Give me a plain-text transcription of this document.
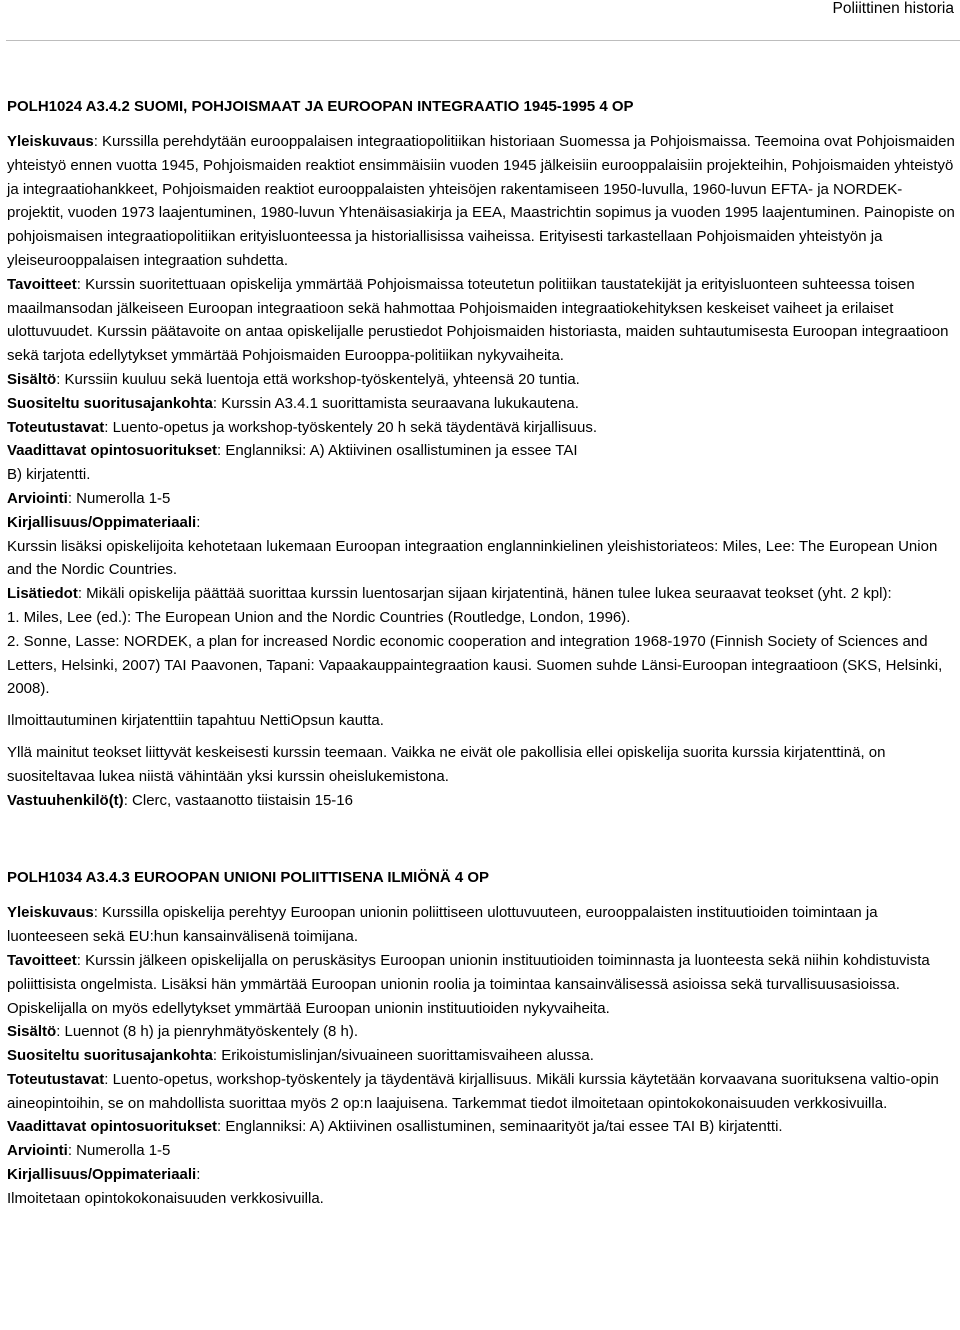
Poliittinen historia
POLH1024 A3.4.2 SUOMI, POHJOISMAAT JA EUROOPAN INTEGRAATIO 1945-1995 4 OP

Yleiskuvaus: Kurssilla perehdytään eurooppalaisen integraatiopolitiikan historiaan Suomessa ja Pohjoismaissa. Teemoina ovat Pohjoismaiden yhteistyö ennen vuotta 1945, Pohjoismaiden reaktiot ensimmäisiin vuoden 1945 jälkeisiin eurooppalaisiin projekteihin, Pohjoismaiden yhteistyö ja integraatiohankkeet, Pohjoismaiden reaktiot eurooppalaisten yhteisöjen rakentamiseen 1950-luvulla, 1960-luvun EFTA- ja NORDEK-projektit, vuoden 1973 laajentuminen, 1980-luvun Yhtenäisasiakirja ja EEA, Maastrichtin sopimus ja vuoden 1995 laajentuminen. Painopiste on pohjoismaisen integraatiopolitiikan erityisluonteessa ja historiallisissa vaiheissa. Erityisesti tarkastellaan Pohjoismaiden yhteistyön ja yleiseurooppalaisen integraation suhdetta.

Tavoitteet: Kurssin suoritettuaan opiskelija ymmärtää Pohjoismaissa toteutetun politiikan taustatekijät ja erityisluonteen suhteessa toisen maailmansodan jälkeiseen Euroopan integraatioon sekä hahmottaa Pohjoismaiden integraatiokehityksen keskeiset vaiheet ja erilaiset ulottuvuudet. Kurssin päätavoite on antaa opiskelijalle perustiedot Pohjoismaiden historiasta, maiden suhtautumisesta Euroopan integraatioon sekä tarjota edellytykset ymmärtää Pohjoismaiden Eurooppa-politiikan nykyvaiheita.

Sisältö: Kurssiin kuuluu sekä luentoja että workshop-työskentelyä, yhteensä 20 tuntia.

Suositeltu suoritusajankohta: Kurssin A3.4.1 suorittamista seuraavana lukukautena.

Toteutustavat: Luento-opetus ja workshop-työskentely 20 h sekä täydentävä kirjallisuus.

Vaadittavat opintosuoritukset: Englanniksi: A) Aktiivinen osallistuminen ja essee TAI

B) kirjatentti.

Arviointi: Numerolla 1-5

Kirjallisuus/Oppimateriaali:

Kurssin lisäksi opiskelijoita kehotetaan lukemaan Euroopan integraation englanninkielinen yleishistoriateos: Miles, Lee: The European Union and the Nordic Countries.

Lisätiedot: Mikäli opiskelija päättää suorittaa kurssin luentosarjan sijaan kirjatentinä, hänen tulee lukea seuraavat teokset (yht. 2 kpl):

1. Miles, Lee (ed.): The European Union and the Nordic Countries (Routledge, London, 1996).

2. Sonne, Lasse: NORDEK, a plan for increased Nordic economic cooperation and integration 1968-1970 (Finnish Society of Sciences and Letters, Helsinki, 2007) TAI Paavonen, Tapani: Vapaakauppaintegraation kausi. Suomen suhde Länsi-Euroopan integraatioon (SKS, Helsinki, 2008).

Ilmoittautuminen kirjatenttiin tapahtuu NettiOpsun kautta.

Yllä mainitut teokset liittyvät keskeisesti kurssin teemaan. Vaikka ne eivät ole pakollisia ellei opiskelija suorita kurssia kirjatenttinä, on suositeltavaa lukea niistä vähintään yksi kurssin oheislukemistona.

Vastuuhenkilö(t): Clerc, vastaanotto tiistaisin 15-16

POLH1034 A3.4.3 EUROOPAN UNIONI POLIITTISENA ILMIÖNÄ 4 OP

Yleiskuvaus: Kurssilla opiskelija perehtyy Euroopan unionin poliittiseen ulottuvuuteen, eurooppalaisten instituutioiden toimintaan ja luonteeseen sekä EU:hun kansainvälisenä toimijana.

Tavoitteet: Kurssin jälkeen opiskelijalla on peruskäsitys Euroopan unionin instituutioiden toiminnasta ja luonteesta sekä niihin kohdistuvista poliittisista ongelmista. Lisäksi hän ymmärtää Euroopan unionin roolia ja toimintaa kansainvälisessä asioissa sekä turvallisuusasioissa. Opiskelijalla on myös edellytykset ymmärtää Euroopan unionin instituutioiden nykyvaiheita.

Sisältö: Luennot (8 h) ja pienryhmätyöskentely (8 h).

Suositeltu suoritusajankohta: Erikoistumislinjan/sivuaineen suorittamisvaiheen alussa.

Toteutustavat: Luento-opetus, workshop-työskentely ja täydentävä kirjallisuus. Mikäli kurssia käytetään korvaavana suorituksena valtio-opin aineopintoihin, se on mahdollista suorittaa myös 2 op:n laajuisena. Tarkemmat tiedot ilmoitetaan opintokokonaisuuden verkkosivuilla.

Vaadittavat opintosuoritukset: Englanniksi: A) Aktiivinen osallistuminen, seminaarityöt ja/tai essee TAI B) kirjatentti.

Arviointi: Numerolla 1-5

Kirjallisuus/Oppimateriaali:

Ilmoitetaan opintokokonaisuuden verkkosivuilla.
